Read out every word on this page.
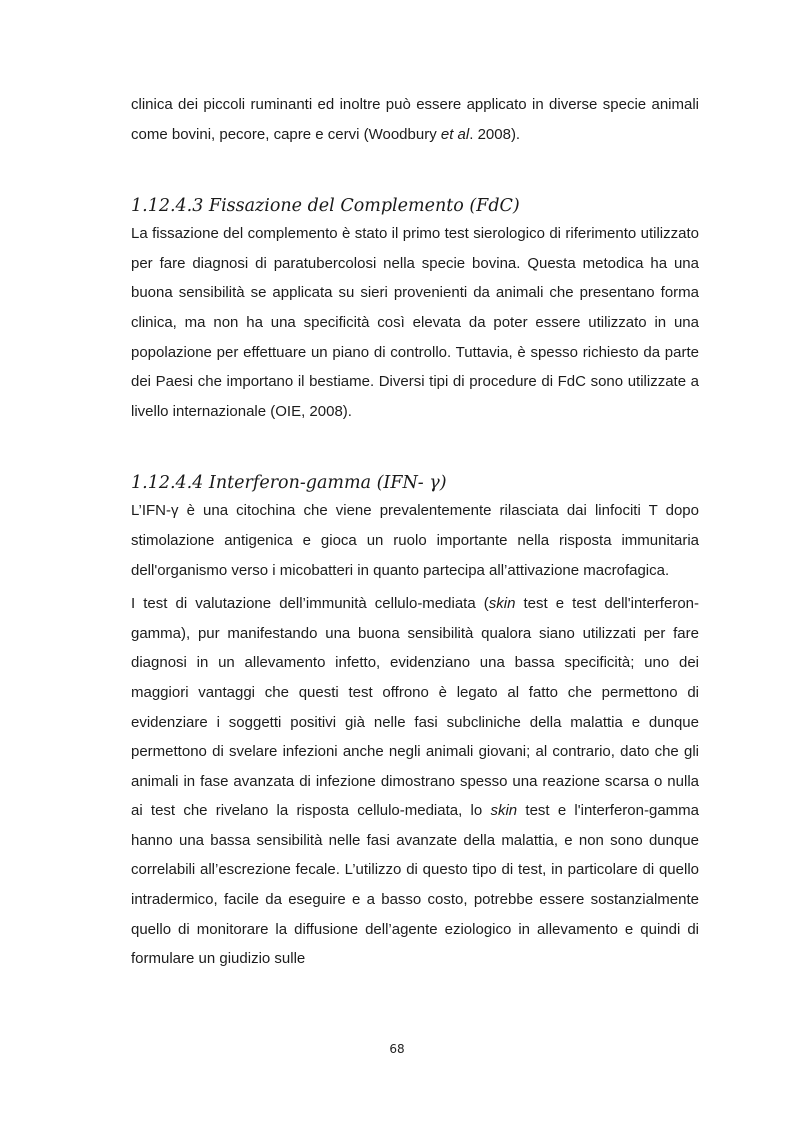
clinica dei piccoli ruminanti ed inoltre può essere applicato in diverse specie animali come bovini, pecore, capre e cervi (Woodbury et al. 2008).

1.12.4.3 Fissazione del Complemento (FdC)

La fissazione del complemento è stato il primo test sierologico di riferimento utilizzato per fare diagnosi di paratubercolosi nella specie bovina. Questa metodica ha una buona sensibilità se applicata su sieri provenienti da animali che presentano forma clinica, ma non ha una specificità così elevata da poter essere utilizzato in una popolazione per effettuare un piano di controllo. Tuttavia, è spesso richiesto da parte dei Paesi che importano il bestiame. Diversi tipi di procedure di FdC sono utilizzate a livello internazionale (OIE, 2008).

1.12.4.4 Interferon-gamma (IFN- γ)

L’IFN-γ è una citochina che viene prevalentemente rilasciata dai linfociti T dopo stimolazione antigenica e gioca un ruolo importante nella risposta immunitaria dell'organismo verso i micobatteri in quanto partecipa all’attivazione macrofagica.

I test di valutazione dell’immunità cellulo-mediata (skin test e test dell'interferon-gamma), pur manifestando una buona sensibilità qualora siano utilizzati per fare diagnosi in un allevamento infetto, evidenziano una bassa specificità; uno dei maggiori vantaggi che questi test offrono è legato al fatto che permettono di evidenziare i soggetti positivi già nelle fasi subcliniche della malattia e dunque permettono di svelare infezioni anche negli animali giovani; al contrario, dato che gli animali in fase avanzata di infezione dimostrano spesso una reazione scarsa o nulla ai test che rivelano la risposta cellulo-mediata, lo skin test e l'interferon-gamma hanno una bassa sensibilità nelle fasi avanzate della malattia, e non sono dunque correlabili all’escrezione fecale. L’utilizzo di questo tipo di test, in particolare di quello intradermico, facile da eseguire e a basso costo, potrebbe essere sostanzialmente quello di monitorare la diffusione dell’agente eziologico in allevamento e quindi di formulare un giudizio sulle

68
